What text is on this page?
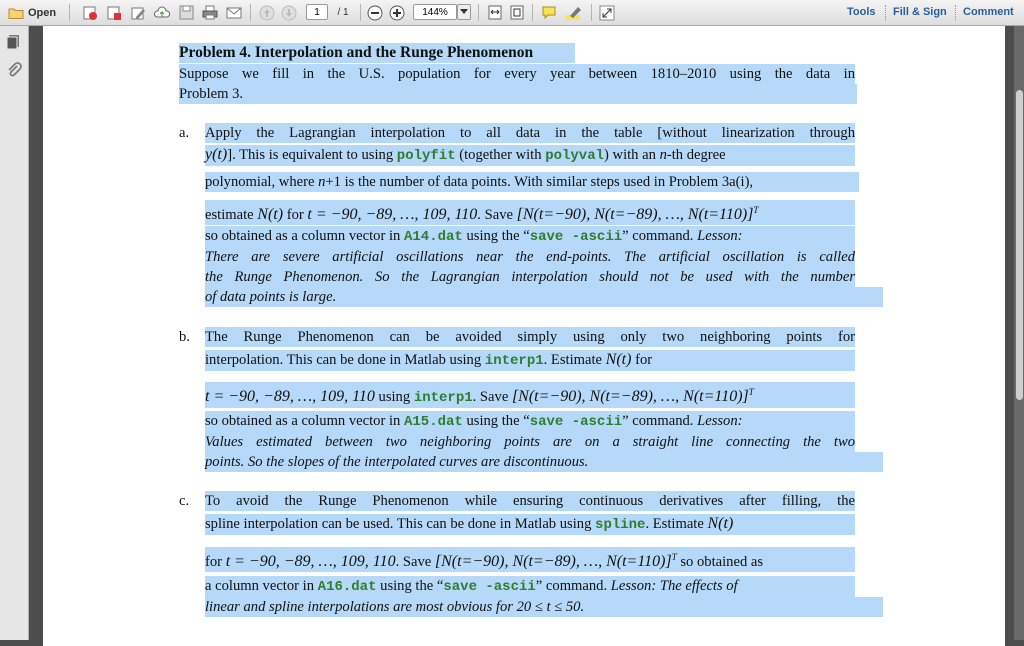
Open	1	/ 1	144%	Tools Fill & Sign Comment
Problem 4. Interpolation and the Runge Phenomenon
Suppose we fill in the U.S. population for every year between 1810–2010 using the data in
Problem 3.
a.	Apply the Lagrangian interpolation to all data in the table [without linearization through
y(t)]. This is equivalent to using polyfit (together with polyval) with an n-th degree
polynomial, where n+1 is the number of data points. With similar steps used in Problem 3a(i),
estimate N(t) for t = −90, −89, …, 109, 110. Save [N(t=−90), N(t=−89), …, N(t=110)]$^T$
so obtained as a column vector in A14.dat using the “save -ascii” command. Lesson:
There are severe artificial oscillations near the end-points. The artificial oscillation is called
the Runge Phenomenon. So the Lagrangian interpolation should not be used with the number
of data points is large.
b.	The Runge Phenomenon can be avoided simply using only two neighboring points for
interpolation. This can be done in Matlab using interp1. Estimate N(t) for
t = −90, −89, …, 109, 110 using interp1. Save [N(t=−90), N(t=−89), …, N(t=110)]$^T$
so obtained as a column vector in A15.dat using the “save -ascii” command. Lesson:
Values estimated between two neighboring points are on a straight line connecting the two
points. So the slopes of the interpolated curves are discontinuous.
c.	To avoid the Runge Phenomenon while ensuring continuous derivatives after filling, the
spline interpolation can be used. This can be done in Matlab using spline. Estimate N(t)
for t = −90, −89, …, 109, 110. Save [N(t=−90), N(t=−89), …, N(t=110)]$^T$ so obtained as
a column vector in A16.dat using the “save -ascii” command. Lesson: The effects of
linear and spline interpolations are most obvious for 20 ≤ t ≤ 50.
